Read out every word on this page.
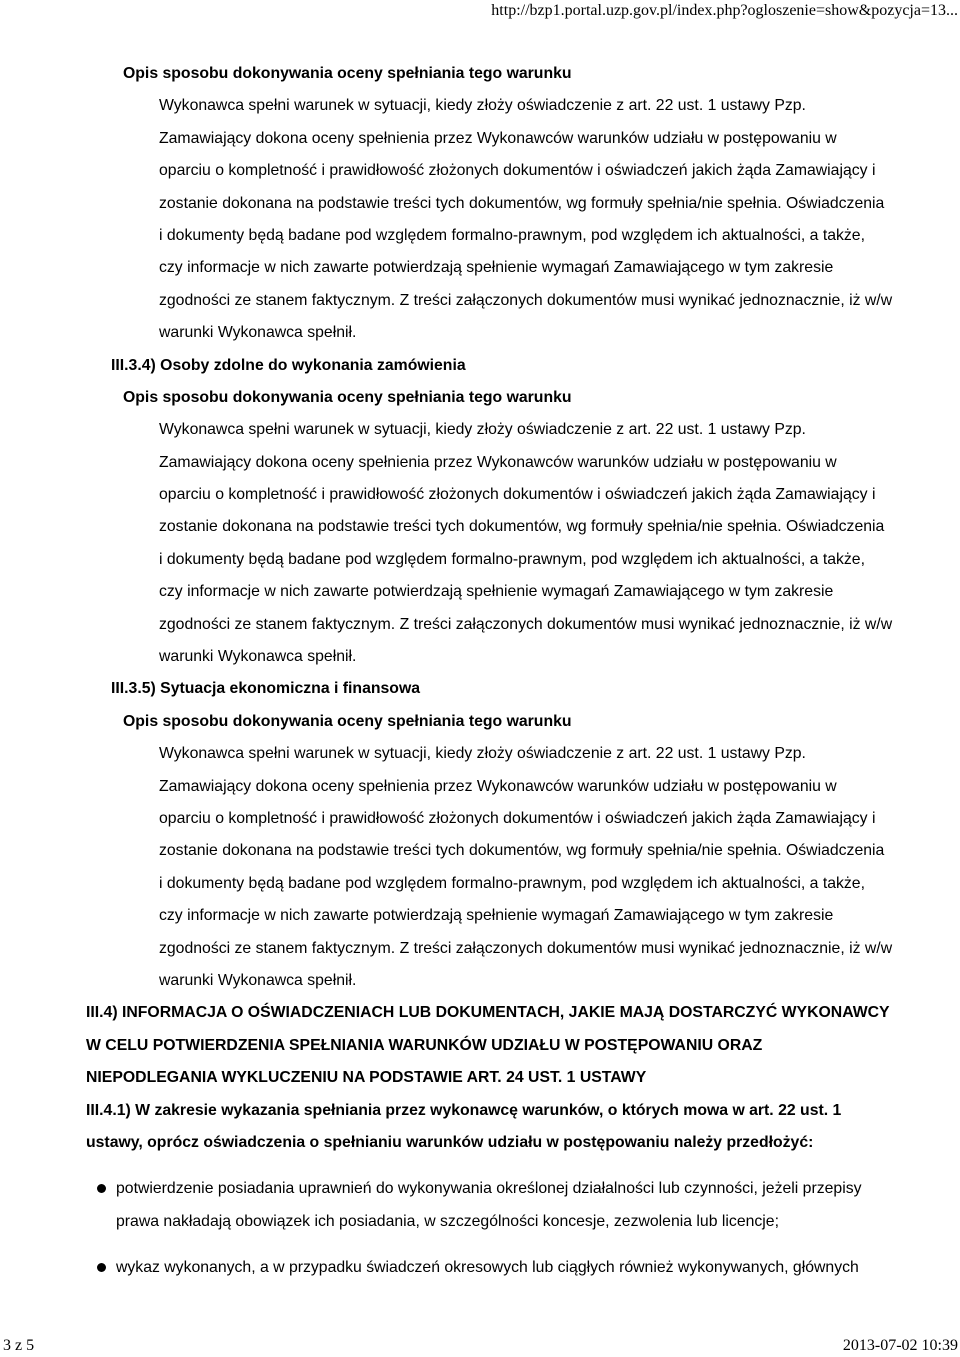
http://bzp1.portal.uzp.gov.pl/index.php?ogloszenie=show&pozycja=13...
Opis sposobu dokonywania oceny spełniania tego warunku
Wykonawca spełni warunek w sytuacji, kiedy złoży oświadczenie z art. 22 ust. 1 ustawy Pzp.
Zamawiający dokona oceny spełnienia przez Wykonawców warunków udziału w postępowaniu w
oparciu o kompletność i prawidłowość złożonych dokumentów i oświadczeń jakich żąda Zamawiający i
zostanie dokonana na podstawie treści tych dokumentów, wg formuły spełnia/nie spełnia. Oświadczenia
i dokumenty będą badane pod względem formalno-prawnym, pod względem ich aktualności, a także,
czy informacje w nich zawarte potwierdzają spełnienie wymagań Zamawiającego w tym zakresie
zgodności ze stanem faktycznym. Z treści załączonych dokumentów musi wynikać jednoznacznie, iż w/w
warunki Wykonawca spełnił.
III.3.4) Osoby zdolne do wykonania zamówienia
Opis sposobu dokonywania oceny spełniania tego warunku
Wykonawca spełni warunek w sytuacji, kiedy złoży oświadczenie z art. 22 ust. 1 ustawy Pzp.
Zamawiający dokona oceny spełnienia przez Wykonawców warunków udziału w postępowaniu w
oparciu o kompletność i prawidłowość złożonych dokumentów i oświadczeń jakich żąda Zamawiający i
zostanie dokonana na podstawie treści tych dokumentów, wg formuły spełnia/nie spełnia. Oświadczenia
i dokumenty będą badane pod względem formalno-prawnym, pod względem ich aktualności, a także,
czy informacje w nich zawarte potwierdzają spełnienie wymagań Zamawiającego w tym zakresie
zgodności ze stanem faktycznym. Z treści załączonych dokumentów musi wynikać jednoznacznie, iż w/w
warunki Wykonawca spełnił.
III.3.5) Sytuacja ekonomiczna i finansowa
Opis sposobu dokonywania oceny spełniania tego warunku
Wykonawca spełni warunek w sytuacji, kiedy złoży oświadczenie z art. 22 ust. 1 ustawy Pzp.
Zamawiający dokona oceny spełnienia przez Wykonawców warunków udziału w postępowaniu w
oparciu o kompletność i prawidłowość złożonych dokumentów i oświadczeń jakich żąda Zamawiający i
zostanie dokonana na podstawie treści tych dokumentów, wg formuły spełnia/nie spełnia. Oświadczenia
i dokumenty będą badane pod względem formalno-prawnym, pod względem ich aktualności, a także,
czy informacje w nich zawarte potwierdzają spełnienie wymagań Zamawiającego w tym zakresie
zgodności ze stanem faktycznym. Z treści załączonych dokumentów musi wynikać jednoznacznie, iż w/w
warunki Wykonawca spełnił.
III.4) INFORMACJA O OŚWIADCZENIACH LUB DOKUMENTACH, JAKIE MAJĄ DOSTARCZYĆ WYKONAWCY
W CELU POTWIERDZENIA SPEŁNIANIA WARUNKÓW UDZIAŁU W POSTĘPOWANIU ORAZ
NIEPODLEGANIA WYKLUCZENIU NA PODSTAWIE ART. 24 UST. 1 USTAWY
III.4.1) W zakresie wykazania spełniania przez wykonawcę warunków, o których mowa w art. 22 ust. 1
ustawy, oprócz oświadczenia o spełnianiu warunków udziału w postępowaniu należy przedłożyć:
potwierdzenie posiadania uprawnień do wykonywania określonej działalności lub czynności, jeżeli przepisy
prawa nakładają obowiązek ich posiadania, w szczególności koncesje, zezwolenia lub licencje;
wykaz wykonanych, a w przypadku świadczeń okresowych lub ciągłych również wykonywanych, głównych
3 z 5	2013-07-02 10:39
